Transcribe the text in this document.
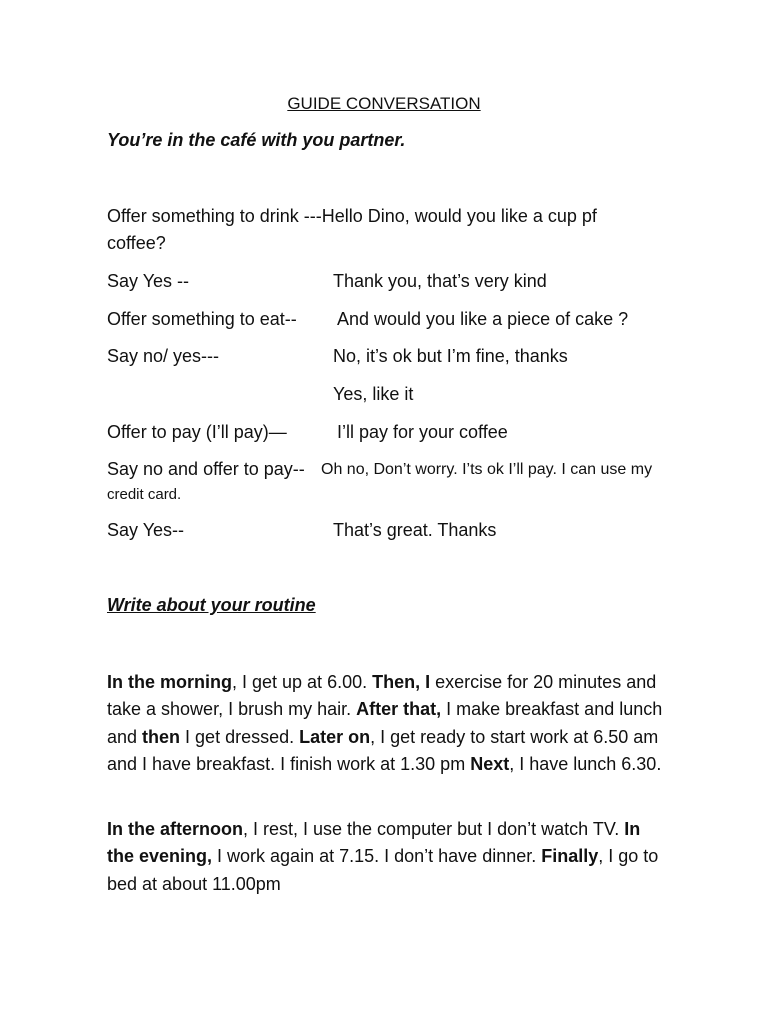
GUIDE CONVERSATION
You’re in the café with you partner.
Offer something to drink ---Hello Dino, would you like a cup pf
coffee?
Say Yes --	Thank you, that’s very kind
Offer something to eat-- And would you like a piece of cake ?
Say no/ yes---	No, it’s ok but I’m fine, thanks
Yes, like it
Offer to pay (I’ll pay)—	I’ll pay for your coffee
Say no and offer to pay-- Oh no, Don’t worry. I’ts ok I’ll pay. I can use my
credit card.
Say Yes--	That’s great. Thanks
Write about your routine
In the morning, I get up at 6.00. Then, I exercise for 20 minutes and take a shower, I brush my hair. After that, I make breakfast and lunch and then I get dressed. Later on, I get ready to start work at 6.50 am and I have breakfast. I finish work at 1.30 pm Next, I have lunch 6.30.
In the afternoon, I rest, I use the computer but I don’t watch TV. In the evening, I work again at 7.15. I don’t have dinner. Finally, I go to bed at about 11.00pm
